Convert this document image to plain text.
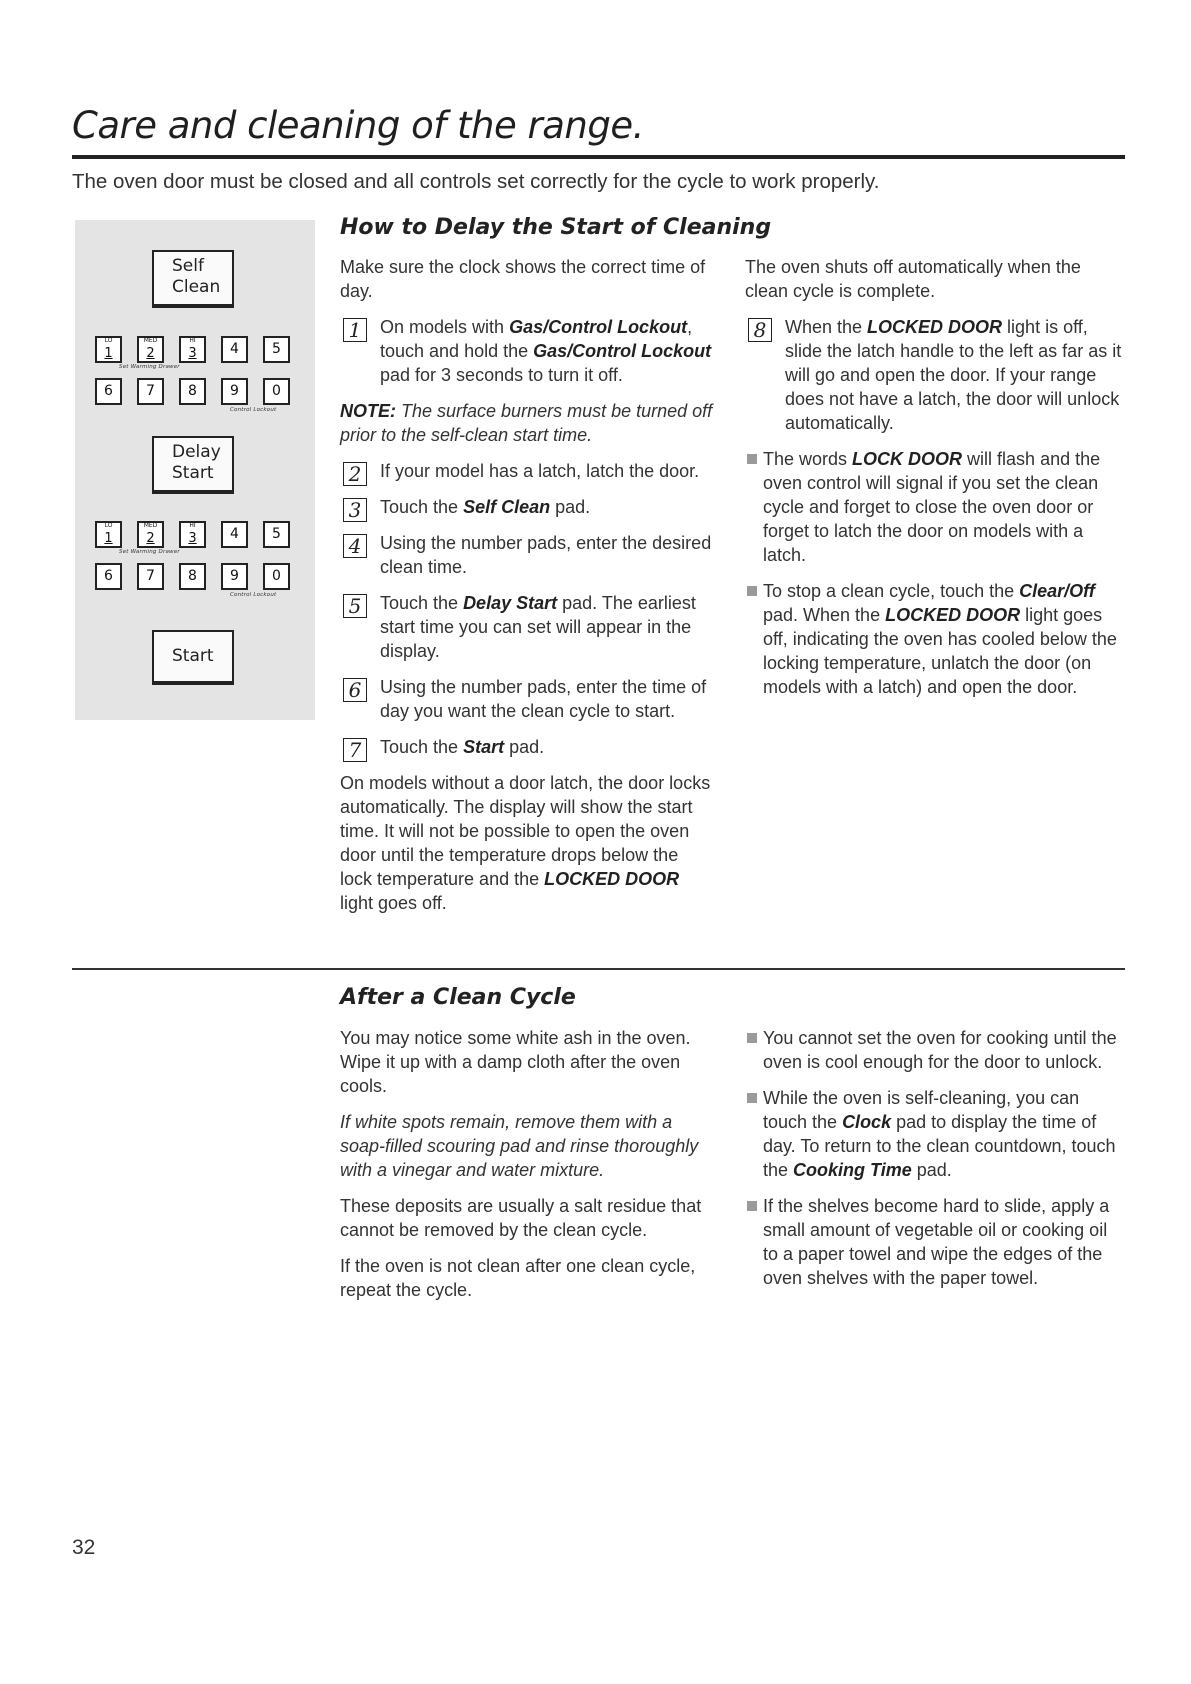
Care and cleaning of the range.

The oven door must be closed and all controls set correctly for the cycle to work properly.

Self
Clean
LO
1
MED
2
HI
3	4	5
Set Warming Drawer
6	7	8	9	0
Control Lockout
Delay
Start
LO
1
MED
2
HI
3	4	5
Set Warming Drawer
6	7	8	9	0
Control Lockout
Start
How to Delay the Start of Cleaning

Make sure the clock shows the correct time of day.

1	On models with Gas/Control Lockout, touch and hold the Gas/Control Lockout pad for 3 seconds to turn it off.

NOTE: The surface burners must be turned off prior to the self-clean start time.

2	If your model has a latch, latch the door.
3	Touch the Self Clean pad.
4	Using the number pads, enter the desired clean time.
5	Touch the Delay Start pad. The earliest start time you can set will appear in the display.
6	Using the number pads, enter the time of day you want the clean cycle to start.
7	Touch the Start pad.

On models without a door latch, the door locks automatically. The display will show the start time. It will not be possible to open the oven door until the temperature drops below the lock temperature and the LOCKED DOOR light goes off.

The oven shuts off automatically when the clean cycle is complete.

8	When the LOCKED DOOR light is off, slide the latch handle to the left as far as it will go and open the door. If your range does not have a latch, the door will unlock automatically.
The words LOCK DOOR will flash and the oven control will signal if you set the clean cycle and forget to close the oven door or forget to latch the door on models with a latch.
To stop a clean cycle, touch the Clear/Off pad. When the LOCKED DOOR light goes off, indicating the oven has cooled below the locking temperature, unlatch the door (on models with a latch) and open the door.
After a Clean Cycle

You may notice some white ash in the oven. Wipe it up with a damp cloth after the oven cools.

If white spots remain, remove them with a soap-filled scouring pad and rinse thoroughly with a vinegar and water mixture.

These deposits are usually a salt residue that cannot be removed by the clean cycle.

If the oven is not clean after one clean cycle, repeat the cycle.

You cannot set the oven for cooking until the oven is cool enough for the door to unlock.
While the oven is self-cleaning, you can touch the Clock pad to display the time of day. To return to the clean countdown, touch the Cooking Time pad.
If the shelves become hard to slide, apply a small amount of vegetable oil or cooking oil to a paper towel and wipe the edges of the oven shelves with the paper towel.
32
